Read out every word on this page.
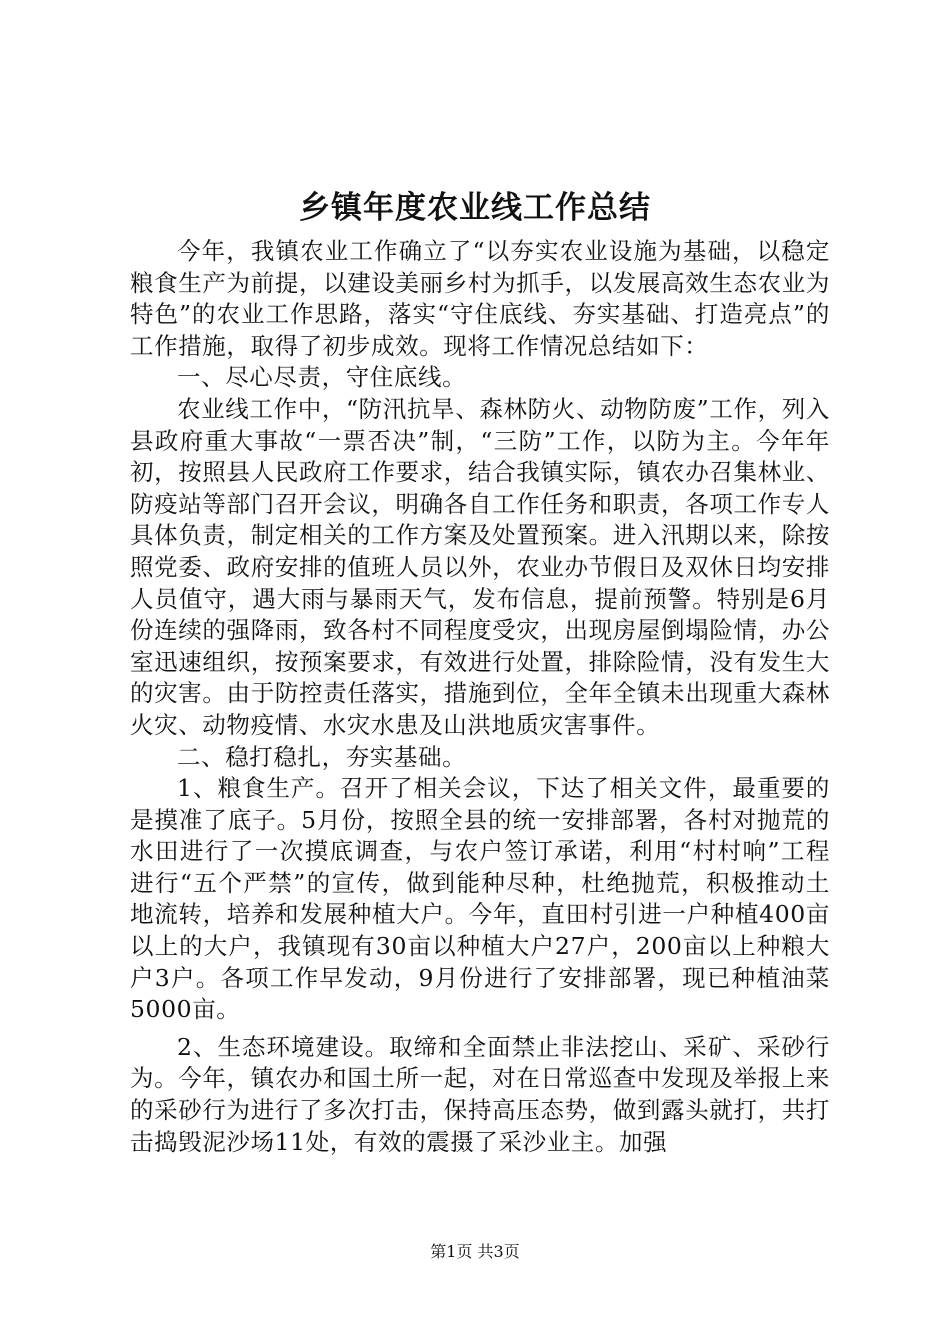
乡镇年度农业线工作总结

今年，我镇农业工作确立了“以夯实农业设施为基础，以稳定粮食生产为前提，以建设美丽乡村为抓手，以发展高效生态农业为特色”的农业工作思路，落实“守住底线、夯实基础、打造亮点”的工作措施，取得了初步成效。现将工作情况总结如下：

一、尽心尽责，守住底线。

农业线工作中，“防汛抗旱、森林防火、动物防废”工作，列入县政府重大事故“一票否决”制，“三防”工作，以防为主。今年年初，按照县人民政府工作要求，结合我镇实际，镇农办召集林业、防疫站等部门召开会议，明确各自工作任务和职责，各项工作专人具体负责，制定相关的工作方案及处置预案。进入汛期以来，除按照党委、政府安排的值班人员以外，农业办节假日及双休日均安排人员值守，遇大雨与暴雨天气，发布信息，提前预警。特别是6月份连续的强降雨，致各村不同程度受灾，出现房屋倒塌险情，办公室迅速组织，按预案要求，有效进行处置，排除险情，没有发生大的灾害。由于防控责任落实，措施到位，全年全镇未出现重大森林火灾、动物疫情、水灾水患及山洪地质灾害事件。

二、稳打稳扎，夯实基础。

1、粮食生产。召开了相关会议，下达了相关文件，最重要的是摸准了底子。5月份，按照全县的统一安排部署，各村对抛荒的水田进行了一次摸底调查，与农户签订承诺，利用“村村响”工程进行“五个严禁”的宣传，做到能种尽种，杜绝抛荒，积极推动土地流转，培养和发展种植大户。今年，直田村引进一户种植400亩以上的大户，我镇现有30亩以种植大户27户，200亩以上种粮大户3户。各项工作早发动，9月份进行了安排部署，现已种植油菜5000亩。

2、生态环境建设。取缔和全面禁止非法挖山、采矿、采砂行为。今年，镇农办和国土所一起，对在日常巡查中发现及举报上来的采砂行为进行了多次打击，保持高压态势，做到露头就打，共打击捣毁泥沙场11处，有效的震摄了采沙业主。加强

第1页 共3页
